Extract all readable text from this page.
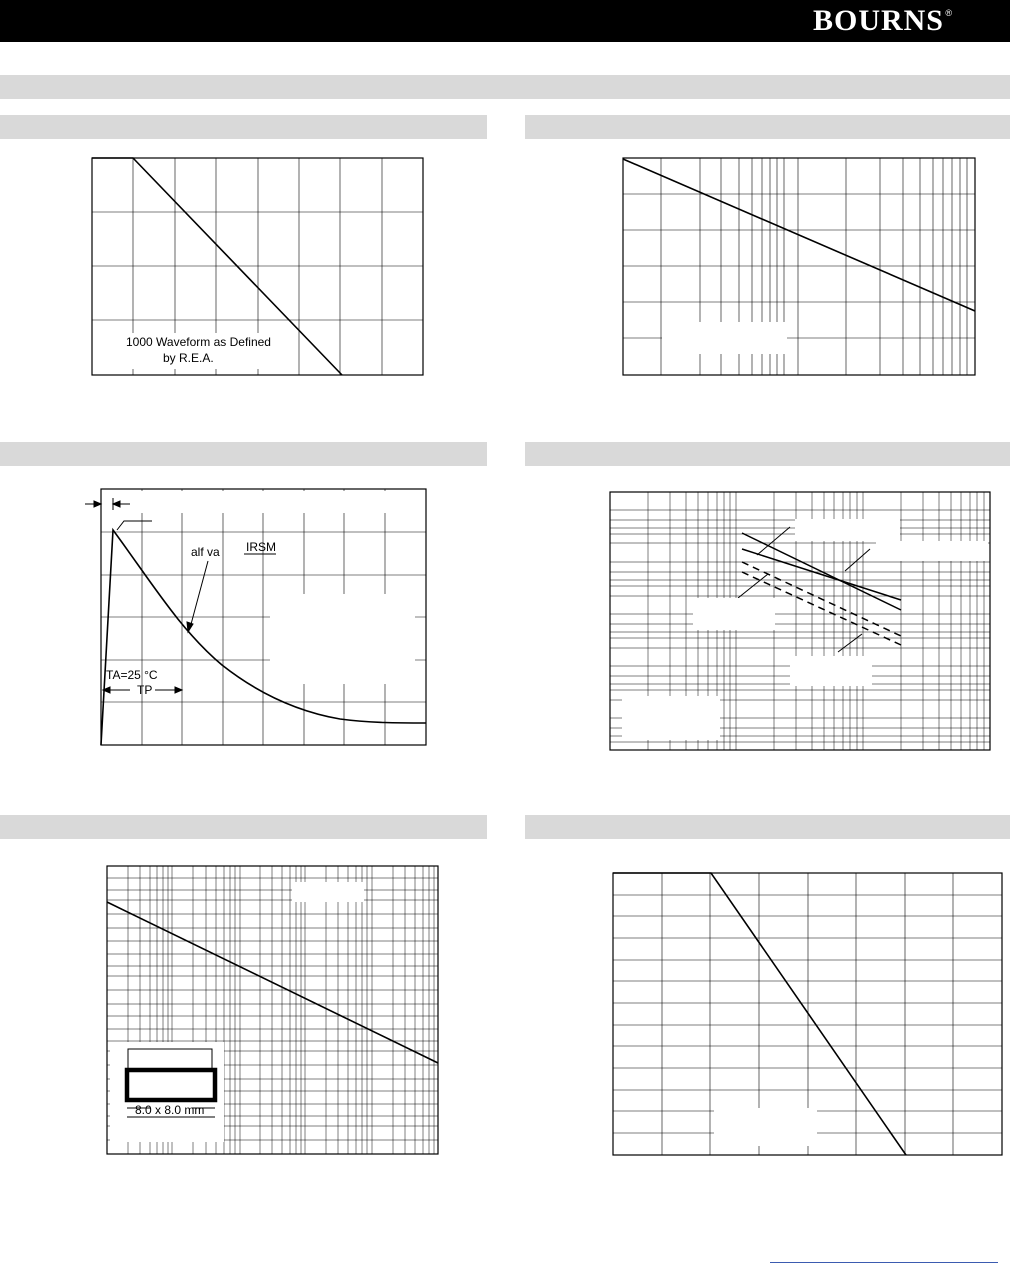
BOURNS ®
1000 Waveform as Defined
by R.E.A.
alf va IRSM
TA=25 °C
TP
8.0 x 8.0 mm
